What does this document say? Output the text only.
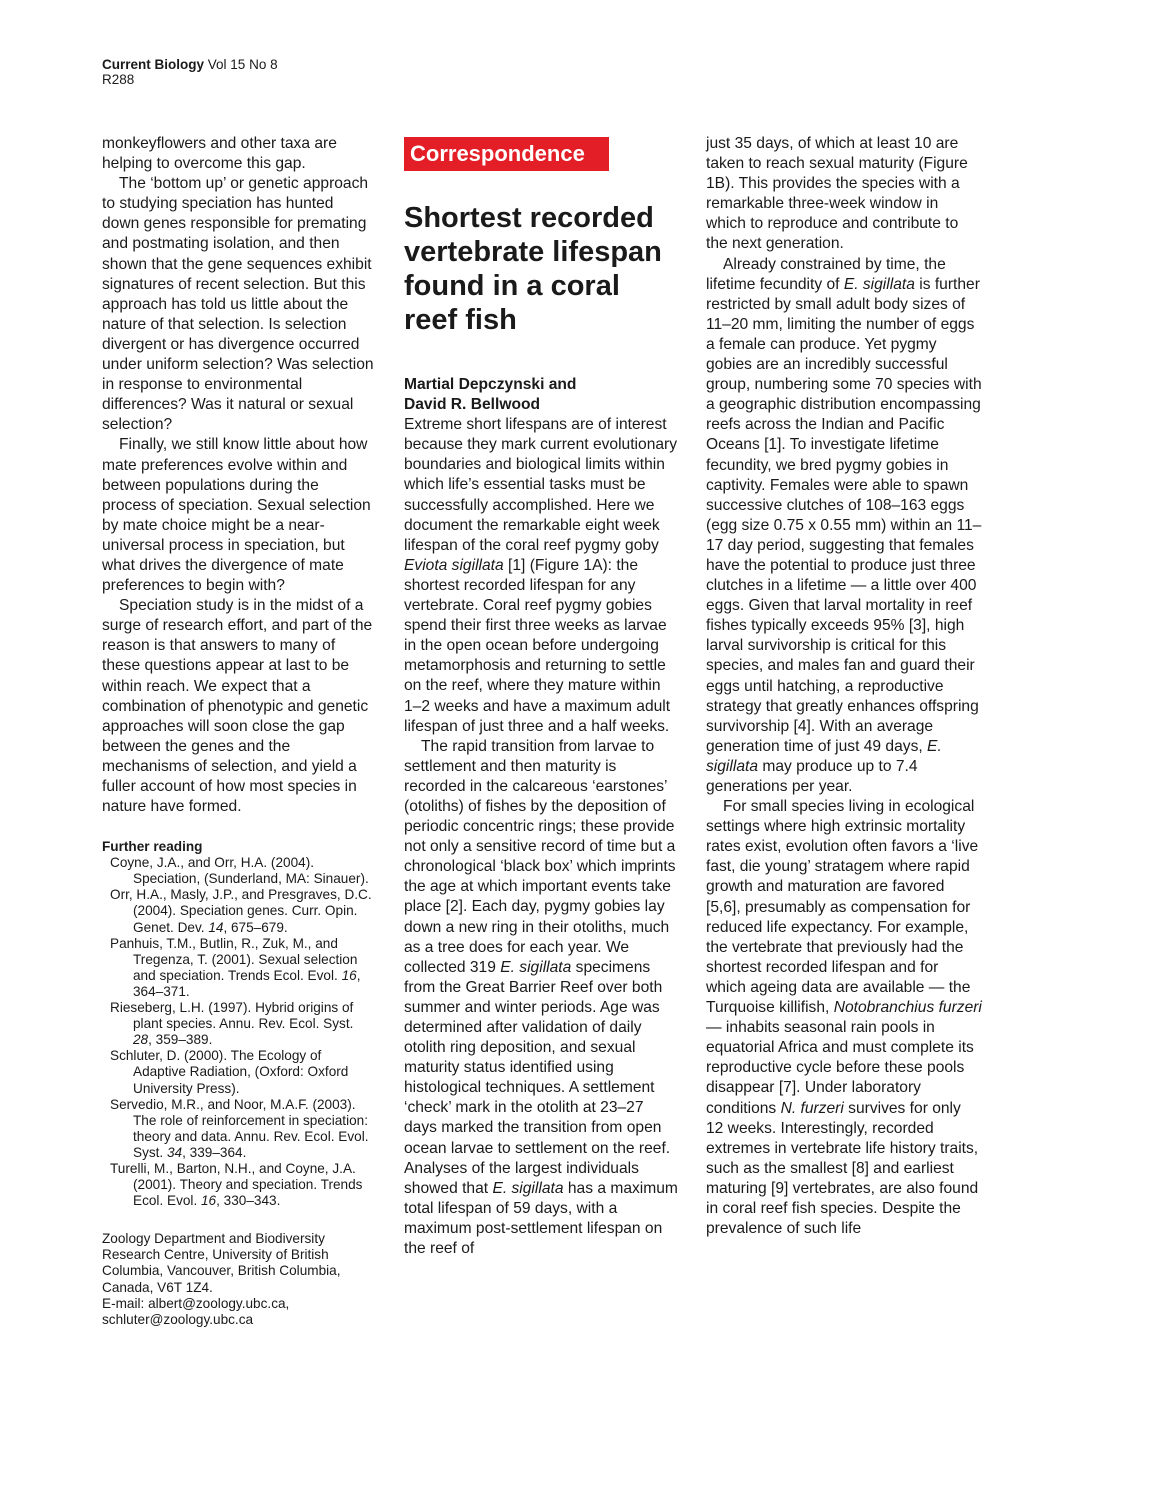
Current Biology Vol 15 No 8
R288

monkeyflowers and other taxa are helping to overcome this gap.

The ‘bottom up’ or genetic approach to studying speciation has hunted down genes responsible for premating and postmating isolation, and then shown that the gene sequences exhibit signatures of recent selection. But this approach has told us little about the nature of that selection. Is selection divergent or has divergence occurred under uniform selection? Was selection in response to environmental differences? Was it natural or sexual selection?

Finally, we still know little about how mate preferences evolve within and between populations during the process of speciation. Sexual selection by mate choice might be a near-universal process in speciation, but what drives the divergence of mate preferences to begin with?

Speciation study is in the midst of a surge of research effort, and part of the reason is that answers to many of these questions appear at last to be within reach. We expect that a combination of phenotypic and genetic approaches will soon close the gap between the genes and the mechanisms of selection, and yield a fuller account of how most species in nature have formed.

Further reading
Coyne, J.A., and Orr, H.A. (2004). Speciation, (Sunderland, MA: Sinauer).
Orr, H.A., Masly, J.P., and Presgraves, D.C. (2004). Speciation genes. Curr. Opin. Genet. Dev. 14, 675–679.
Panhuis, T.M., Butlin, R., Zuk, M., and Tregenza, T. (2001). Sexual selection and speciation. Trends Ecol. Evol. 16, 364–371.
Rieseberg, L.H. (1997). Hybrid origins of plant species. Annu. Rev. Ecol. Syst. 28, 359–389.
Schluter, D. (2000). The Ecology of Adaptive Radiation, (Oxford: Oxford University Press).
Servedio, M.R., and Noor, M.A.F. (2003). The role of reinforcement in speciation: theory and data. Annu. Rev. Ecol. Evol. Syst. 34, 339–364.
Turelli, M., Barton, N.H., and Coyne, J.A. (2001). Theory and speciation. Trends Ecol. Evol. 16, 330–343.
Zoology Department and Biodiversity Research Centre, University of British Columbia, Vancouver, British Columbia, Canada, V6T 1Z4.
E-mail: albert@zoology.ubc.ca,
schluter@zoology.ubc.ca
Correspondence
Shortest recorded vertebrate lifespan found in a coral reef fish
Martial Depczynski and
David R. Bellwood

Extreme short lifespans are of interest because they mark current evolutionary boundaries and biological limits within which life’s essential tasks must be successfully accomplished. Here we document the remarkable eight week lifespan of the coral reef pygmy goby Eviota sigillata [1] (Figure 1A): the shortest recorded lifespan for any vertebrate. Coral reef pygmy gobies spend their first three weeks as larvae in the open ocean before undergoing metamorphosis and returning to settle on the reef, where they mature within 1–2 weeks and have a maximum adult lifespan of just three and a half weeks.

The rapid transition from larvae to settlement and then maturity is recorded in the calcareous ‘earstones’ (otoliths) of fishes by the deposition of periodic concentric rings; these provide not only a sensitive record of time but a chronological ‘black box’ which imprints the age at which important events take place [2]. Each day, pygmy gobies lay down a new ring in their otoliths, much as a tree does for each year. We collected 319 E. sigillata specimens from the Great Barrier Reef over both summer and winter periods. Age was determined after validation of daily otolith ring deposition, and sexual maturity status identified using histological techniques. A settlement ‘check’ mark in the otolith at 23–27 days marked the transition from open ocean larvae to settlement on the reef. Analyses of the largest individuals showed that E. sigillata has a maximum total lifespan of 59 days, with a maximum post-settlement lifespan on the reef of

just 35 days, of which at least 10 are taken to reach sexual maturity (Figure 1B). This provides the species with a remarkable three-week window in which to reproduce and contribute to the next generation.

Already constrained by time, the lifetime fecundity of E. sigillata is further restricted by small adult body sizes of 11–20 mm, limiting the number of eggs a female can produce. Yet pygmy gobies are an incredibly successful group, numbering some 70 species with a geographic distribution encompassing reefs across the Indian and Pacific Oceans [1]. To investigate lifetime fecundity, we bred pygmy gobies in captivity. Females were able to spawn successive clutches of 108–163 eggs (egg size 0.75 x 0.55 mm) within an 11–17 day period, suggesting that females have the potential to produce just three clutches in a lifetime — a little over 400 eggs. Given that larval mortality in reef fishes typically exceeds 95% [3], high larval survivorship is critical for this species, and males fan and guard their eggs until hatching, a reproductive strategy that greatly enhances offspring survivorship [4]. With an average generation time of just 49 days, E. sigillata may produce up to 7.4 generations per year.

For small species living in ecological settings where high extrinsic mortality rates exist, evolution often favors a ‘live fast, die young’ stratagem where rapid growth and maturation are favored [5,6], presumably as compensation for reduced life expectancy. For example, the vertebrate that previously had the shortest recorded lifespan and for which ageing data are available — the Turquoise killifish, Notobranchius furzeri — inhabits seasonal rain pools in equatorial Africa and must complete its reproductive cycle before these pools disappear [7]. Under laboratory conditions N. furzeri survives for only 12 weeks. Interestingly, recorded extremes in vertebrate life history traits, such as the smallest [8] and earliest maturing [9] vertebrates, are also found in coral reef fish species. Despite the prevalence of such life
